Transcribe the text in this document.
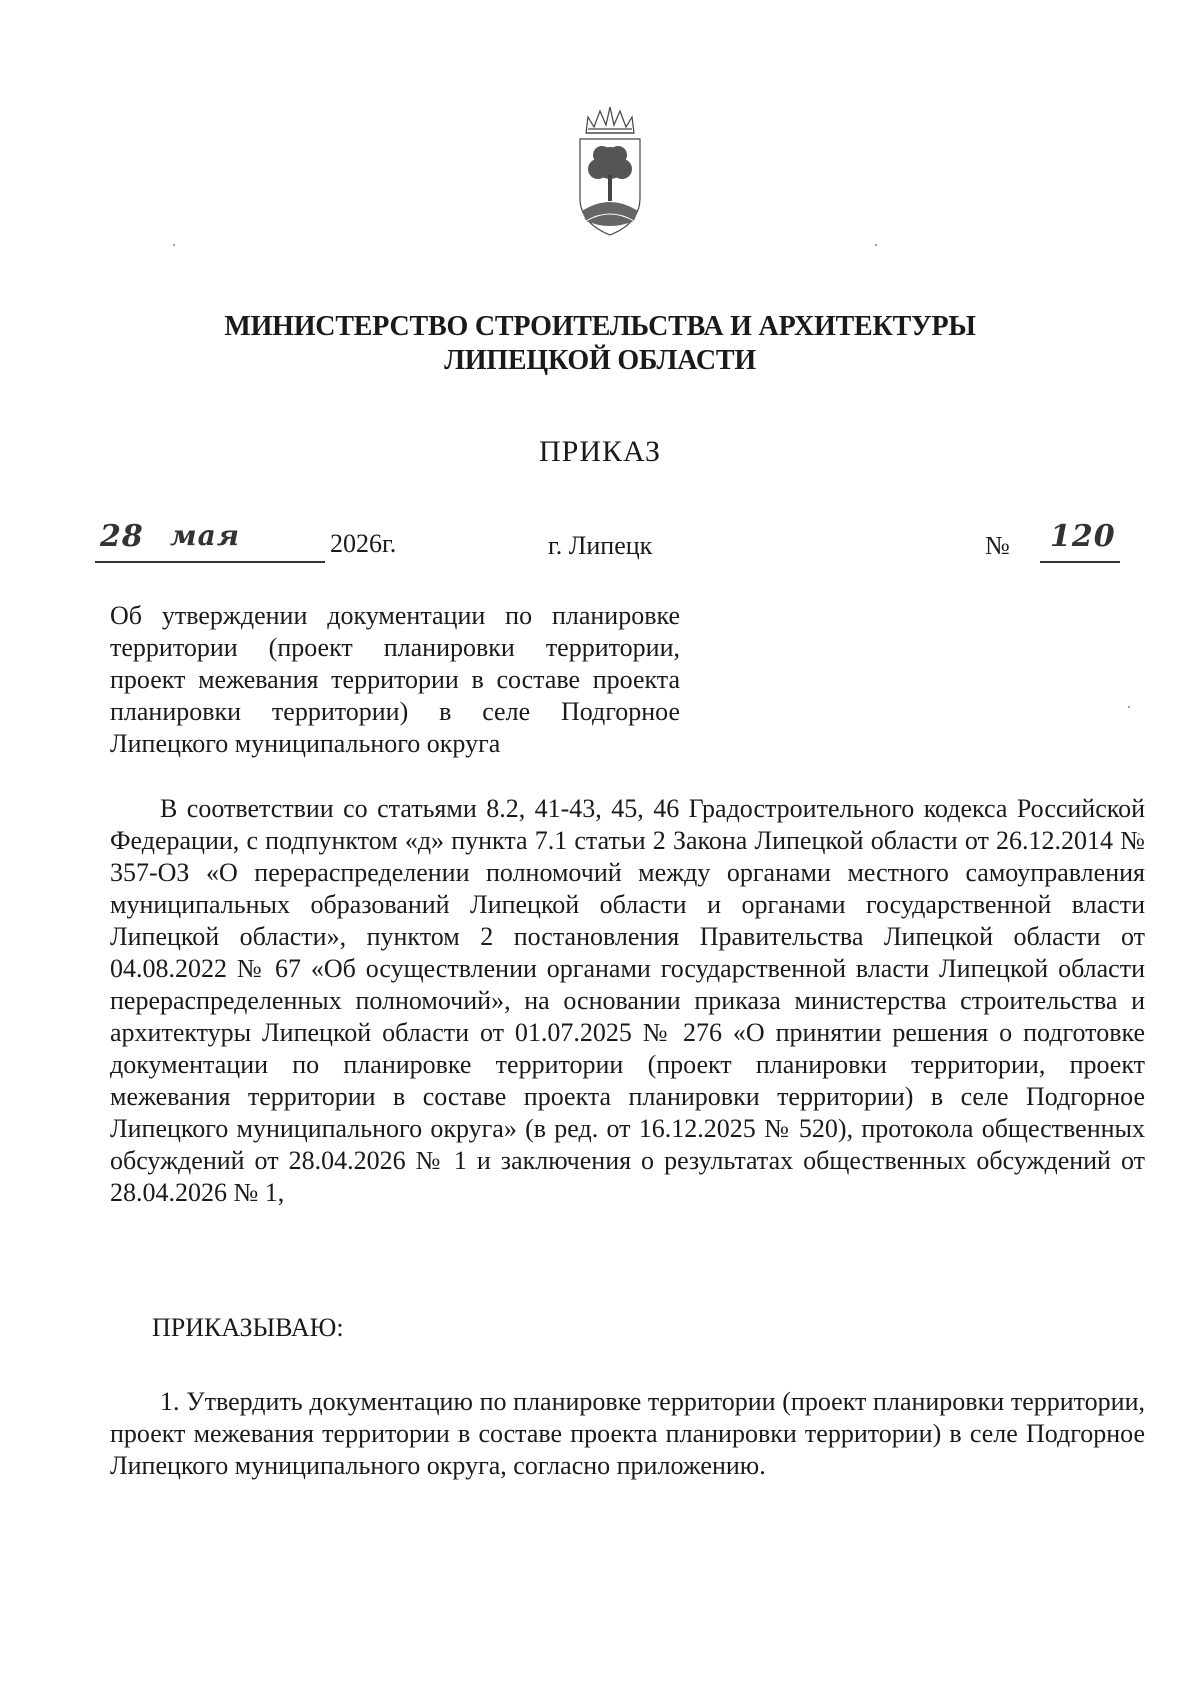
МИНИСТЕРСТВО СТРОИТЕЛЬСТВА И АРХИТЕКТУРЫ
ЛИПЕЦКОЙ ОБЛАСТИ
ПРИКАЗ
28 мая	2026г.	г. Липецк	№ 120
Об утверждении документации по планировке территории (проект планировки территории, проект межевания территории в составе проекта планировки территории) в селе Подгорное Липецкого муниципального округа
В соответствии со статьями 8.2, 41-43, 45, 46 Градостроительного кодекса Российской Федерации, с подпунктом «д» пункта 7.1 статьи 2 Закона Липецкой области от 26.12.2014 № 357-ОЗ «О перераспределении полномочий между органами местного самоуправления муниципальных образований Липецкой области и органами государственной власти Липецкой области», пунктом 2 постановления Правительства Липецкой области от 04.08.2022 № 67 «Об осуществлении органами государственной власти Липецкой области перераспределенных полномочий», на основании приказа министерства строительства и архитектуры Липецкой области от 01.07.2025 № 276 «О принятии решения о подготовке документации по планировке территории (проект планировки территории, проект межевания территории в составе проекта планировки территории) в селе Подгорное Липецкого муниципального округа» (в ред. от 16.12.2025 № 520), протокола общественных обсуждений от 28.04.2026 № 1 и заключения о результатах общественных обсуждений от 28.04.2026 № 1,
ПРИКАЗЫВАЮ:
1. Утвердить документацию по планировке территории (проект планировки территории, проект межевания территории в составе проекта планировки территории) в селе Подгорное Липецкого муниципального округа, согласно приложению.
